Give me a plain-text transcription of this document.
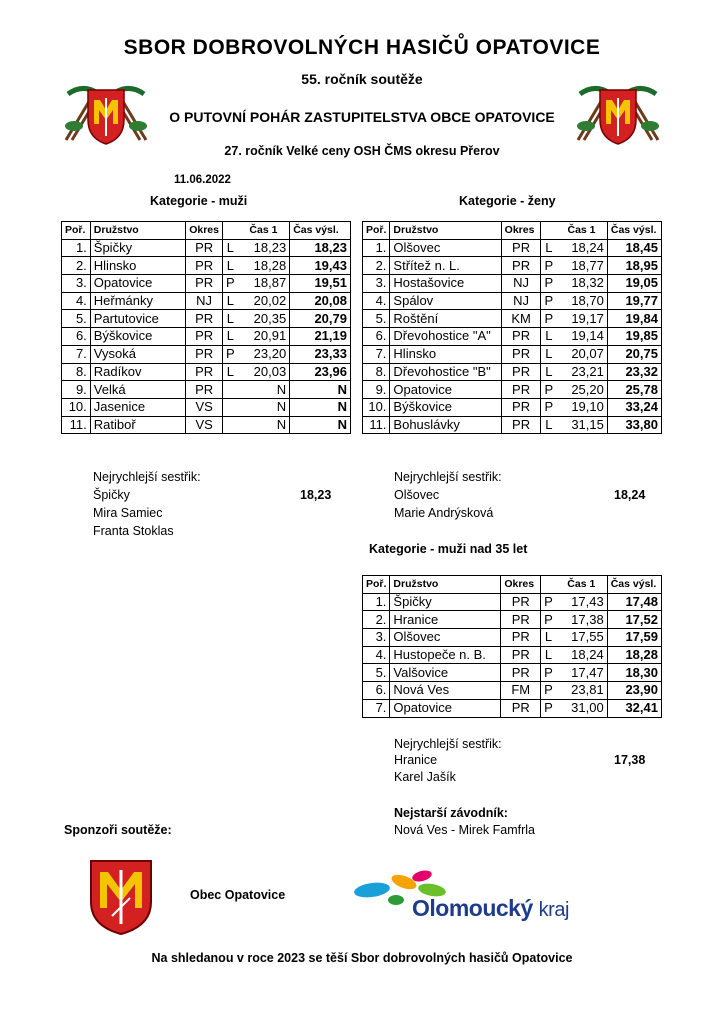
SBOR DOBROVOLNÝCH HASIČŮ OPATOVICE
55. ročník soutěže
O PUTOVNÍ POHÁR ZASTUPITELSTVA OBCE OPATOVICE
27. ročník Velké ceny OSH ČMS okresu Přerov
11.06.2022
Kategorie - muži	Kategorie - ženy
Poř.	Družstvo	Okres		Čas 1	Čas výsl.
1.	Špičky	PR	L	18,23	18,23
2.	Hlinsko	PR	L	18,28	19,43
3.	Opatovice	PR	P	18,87	19,51
4.	Heřmánky	NJ	L	20,02	20,08
5.	Partutovice	PR	L	20,35	20,79
6.	Býškovice	PR	L	20,91	21,19
7.	Vysoká	PR	P	23,20	23,33
8.	Radíkov	PR	L	20,03	23,96
9.	Velká	PR		N	N
10.	Jasenice	VS		N	N
11.	Ratiboř	VS		N	N
Poř.	Družstvo	Okres		Čas 1	Čas výsl.
1.	Olšovec	PR	L	18,24	18,45
2.	Střítež n. L.	PR	P	18,77	18,95
3.	Hostašovice	NJ	P	18,32	19,05
4.	Spálov	NJ	P	18,70	19,77
5.	Roštění	KM	P	19,17	19,84
6.	Dřevohostice "A"	PR	L	19,14	19,85
7.	Hlinsko	PR	L	20,07	20,75
8.	Dřevohostice "B"	PR	L	23,21	23,32
9.	Opatovice	PR	P	25,20	25,78
10.	Býškovice	PR	P	19,10	33,24
11.	Bohuslávky	PR	L	31,15	33,80
Nejrychlejší sestřik:
Špičky	18,23
Mira Samiec
Franta Stoklas
Nejrychlejší sestřik:
Olšovec	18,24
Marie Andrýsková
Kategorie - muži nad 35 let
Poř.	Družstvo	Okres		Čas 1	Čas výsl.
1.	Špičky	PR	P	17,43	17,48
2.	Hranice	PR	P	17,38	17,52
3.	Olšovec	PR	L	17,55	17,59
4.	Hustopeče n. B.	PR	L	18,24	18,28
5.	Valšovice	PR	P	17,47	18,30
6.	Nová Ves	FM	P	23,81	23,90
7.	Opatovice	PR	P	31,00	32,41
Nejrychlejší sestřik:
Hranice	17,38
Karel Jašík
Nejstarší závodník:
Nová Ves - Mirek Famfrla
Sponzoři soutěže:
Obec Opatovice	Olomoucký kraj
Na shledanou v roce 2023 se těší Sbor dobrovolných hasičů Opatovice
